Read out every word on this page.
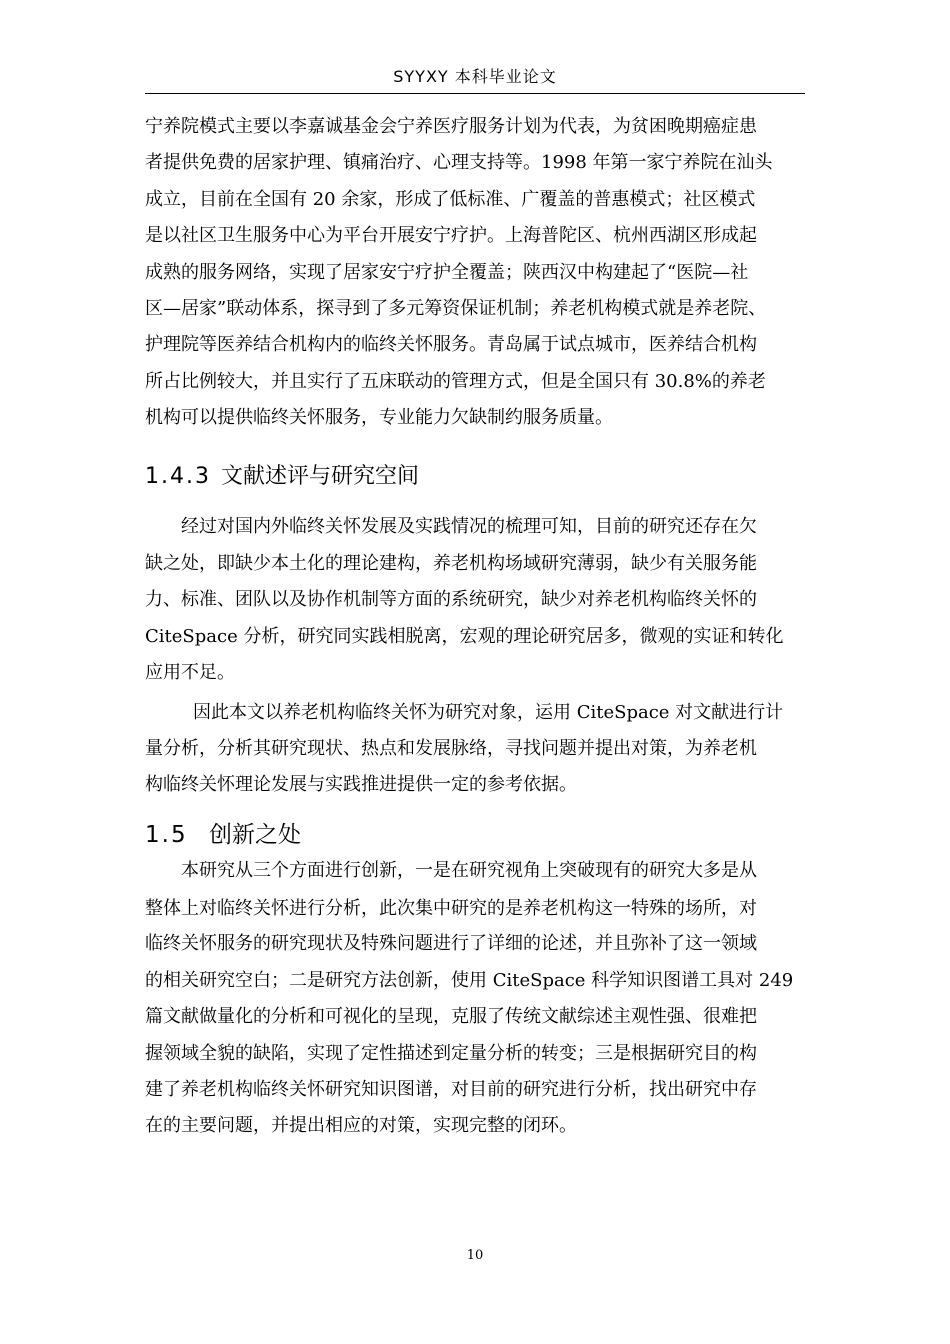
SYYXY 本科毕业论文
宁养院模式主要以李嘉诚基金会宁养医疗服务计划为代表，为贫困晚期癌症患
者提供免费的居家护理、镇痛治疗、心理支持等。1998 年第一家宁养院在汕头
成立，目前在全国有 20 余家，形成了低标准、广覆盖的普惠模式；社区模式
是以社区卫生服务中心为平台开展安宁疗护。上海普陀区、杭州西湖区形成起
成熟的服务网络，实现了居家安宁疗护全覆盖；陕西汉中构建起了“医院—社
区—居家”联动体系，探寻到了多元筹资保证机制；养老机构模式就是养老院、
护理院等医养结合机构内的临终关怀服务。青岛属于试点城市，医养结合机构
所占比例较大，并且实行了五床联动的管理方式，但是全国只有 30.8%的养老
机构可以提供临终关怀服务，专业能力欠缺制约服务质量。
1.4.3 文献述评与研究空间
经过对国内外临终关怀发展及实践情况的梳理可知，目前的研究还存在欠
缺之处，即缺少本土化的理论建构，养老机构场域研究薄弱，缺少有关服务能
力、标准、团队以及协作机制等方面的系统研究，缺少对养老机构临终关怀的
CiteSpace 分析，研究同实践相脱离，宏观的理论研究居多，微观的实证和转化
应用不足。
因此本文以养老机构临终关怀为研究对象，运用 CiteSpace 对文献进行计
量分析，分析其研究现状、热点和发展脉络，寻找问题并提出对策，为养老机
构临终关怀理论发展与实践推进提供一定的参考依据。
1.5 创新之处
本研究从三个方面进行创新，一是在研究视角上突破现有的研究大多是从
整体上对临终关怀进行分析，此次集中研究的是养老机构这一特殊的场所，对
临终关怀服务的研究现状及特殊问题进行了详细的论述，并且弥补了这一领域
的相关研究空白；二是研究方法创新，使用 CiteSpace 科学知识图谱工具对 249
篇文献做量化的分析和可视化的呈现，克服了传统文献综述主观性强、很难把
握领域全貌的缺陷，实现了定性描述到定量分析的转变；三是根据研究目的构
建了养老机构临终关怀研究知识图谱，对目前的研究进行分析，找出研究中存
在的主要问题，并提出相应的对策，实现完整的闭环。
10
